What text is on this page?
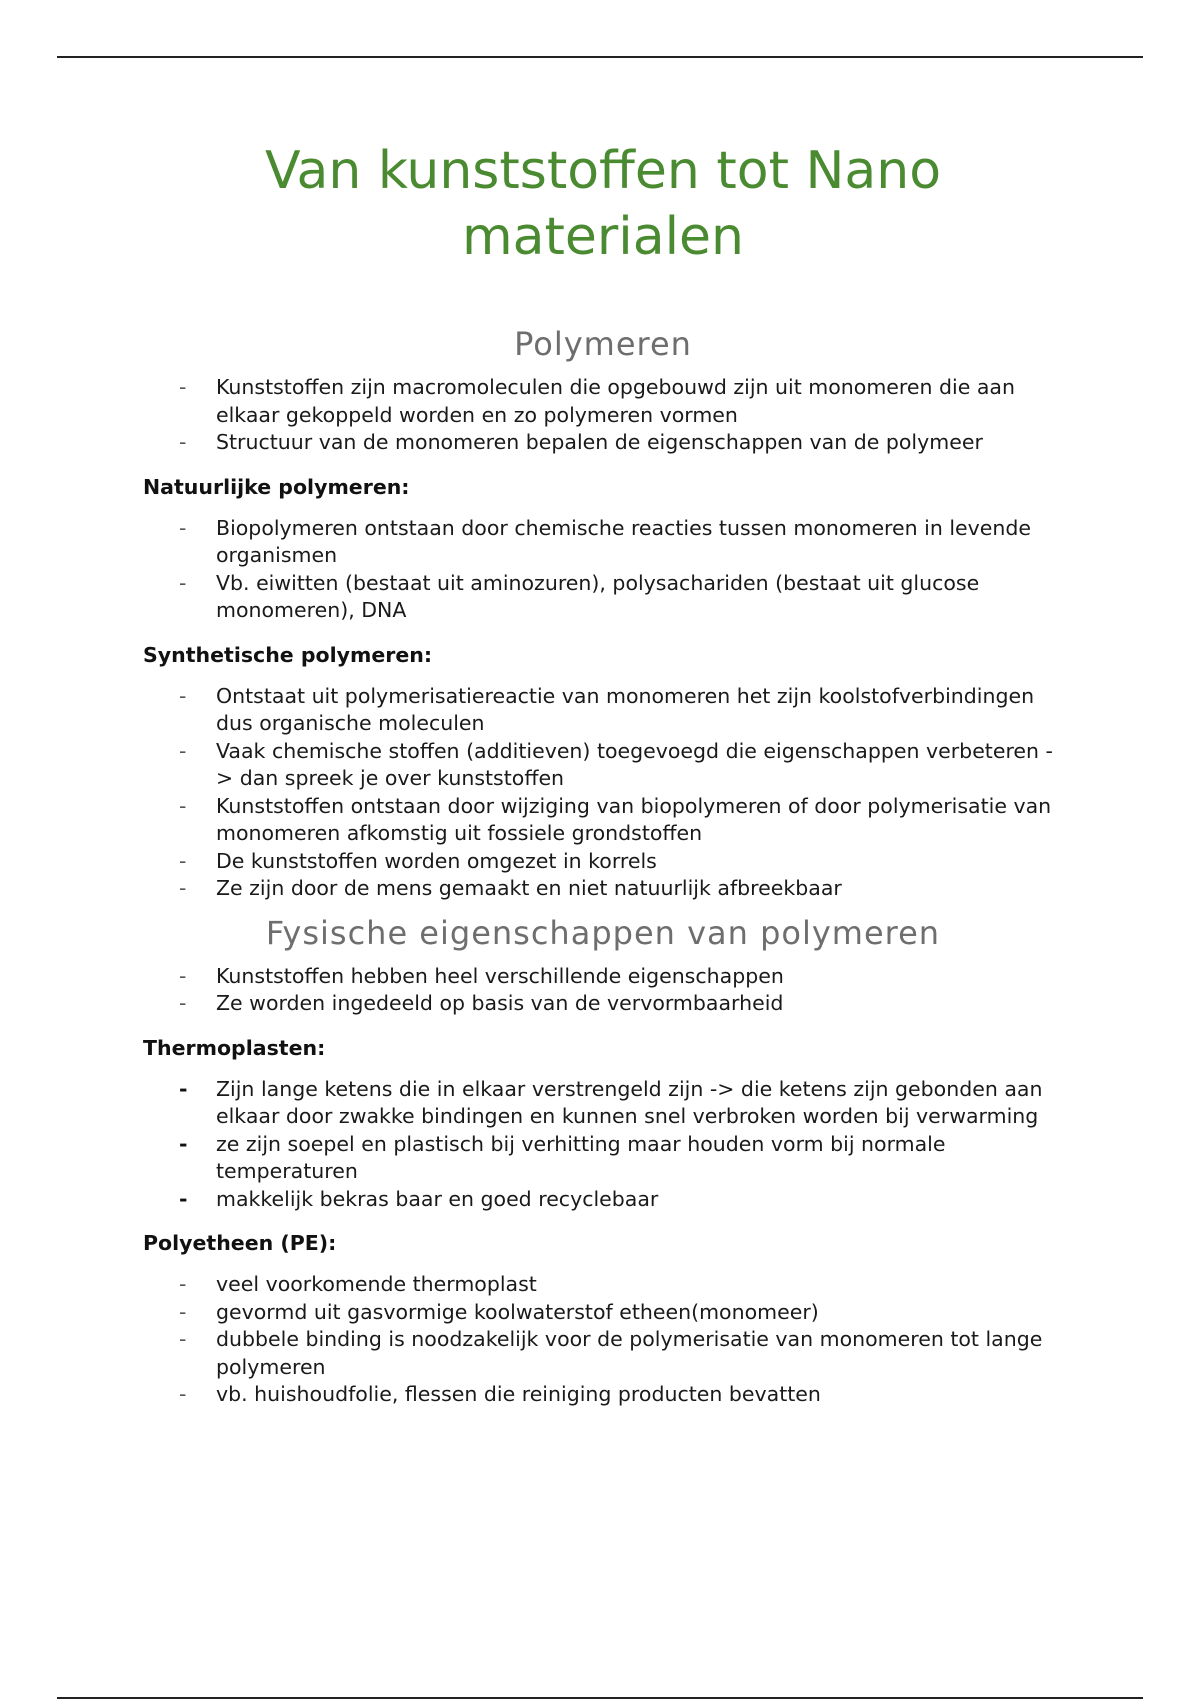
Van kunststoffen tot Nano materialen
Polymeren
-	Kunststoffen zijn macromoleculen die opgebouwd zijn uit monomeren die aan elkaar gekoppeld worden en zo polymeren vormen
-	Structuur van de monomeren bepalen de eigenschappen van de polymeer

Natuurlijke polymeren:

-	Biopolymeren ontstaan door chemische reacties tussen monomeren in levende organismen
-	Vb. eiwitten (bestaat uit aminozuren), polysachariden (bestaat uit glucose monomeren), DNA

Synthetische polymeren:

-	Ontstaat uit polymerisatiereactie van monomeren het zijn koolstofverbindingen dus organische moleculen
-	Vaak chemische stoffen (additieven) toegevoegd die eigenschappen verbeteren -> dan spreek je over kunststoffen
-	Kunststoffen ontstaan door wijziging van biopolymeren of door polymerisatie van monomeren afkomstig uit fossiele grondstoffen
-	De kunststoffen worden omgezet in korrels
-	Ze zijn door de mens gemaakt en niet natuurlijk afbreekbaar
Fysische eigenschappen van polymeren
-	Kunststoffen hebben heel verschillende eigenschappen
-	Ze worden ingedeeld op basis van de vervormbaarheid

Thermoplasten:

- Zijn lange ketens die in elkaar verstrengeld zijn -> die ketens zijn gebonden aan elkaar door zwakke bindingen en kunnen snel verbroken worden bij verwarming
- ze zijn soepel en plastisch bij verhitting maar houden vorm bij normale temperaturen
- makkelijk bekras baar en goed recyclebaar

Polyetheen (PE):

-	veel voorkomende thermoplast
-	gevormd uit gasvormige koolwaterstof etheen(monomeer)
-	dubbele binding is noodzakelijk voor de polymerisatie van monomeren tot lange polymeren
-	vb. huishoudfolie, flessen die reiniging producten bevatten
